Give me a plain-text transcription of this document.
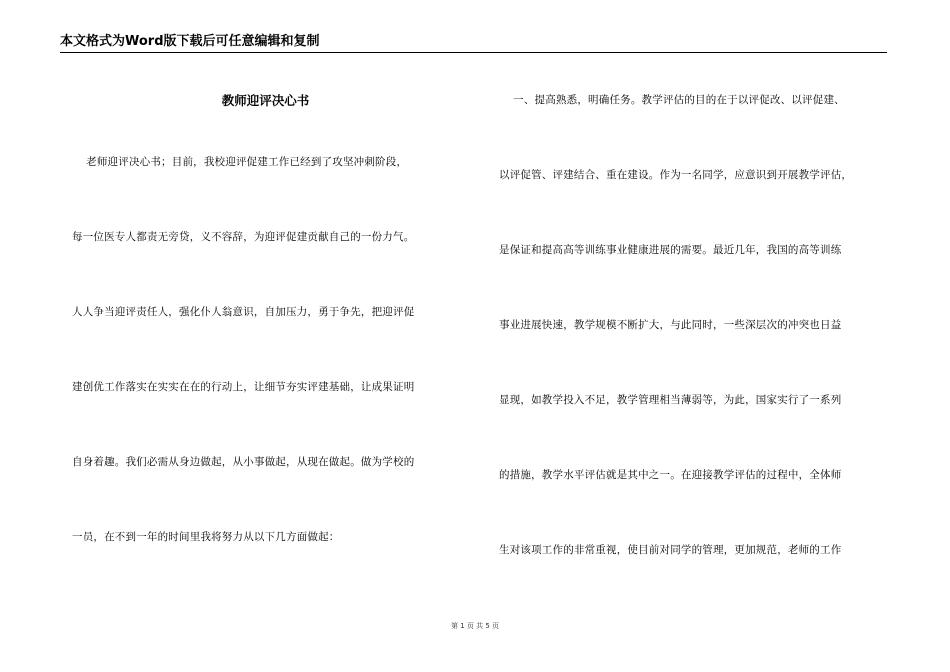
本文格式为Word版下载后可任意编辑和复制
教师迎评决心书
老师迎评决心书；目前，我校迎评促建工作已经到了攻坚冲刺阶段，
每一位医专人都责无旁贷，义不容辞，为迎评促建贡献自己的一份力气。
人人争当迎评责任人，强化仆人翁意识，自加压力，勇于争先，把迎评促
建创优工作落实在实实在在的行动上，让细节夯实评建基础，让成果证明
自身着趣。我们必需从身边做起，从小事做起，从现在做起。做为学校的
一员，在不到一年的时间里我将努力从以下几方面做起：
一、提高熟悉，明确任务。教学评估的目的在于以评促改、以评促建、
以评促管、评建结合、重在建设。作为一名同学，应意识到开展教学评估，
是保证和提高高等训练事业健康进展的需要。最近几年，我国的高等训练
事业进展快速，教学规模不断扩大，与此同时，一些深层次的冲突也日益
显现，如教学投入不足，教学管理相当薄弱等，为此，国家实行了一系列
的措施，教学水平评估就是其中之一。在迎接教学评估的过程中，全体师
生对该项工作的非常重视，使目前对同学的管理，更加规范，老师的工作
第 1 页 共 5 页
